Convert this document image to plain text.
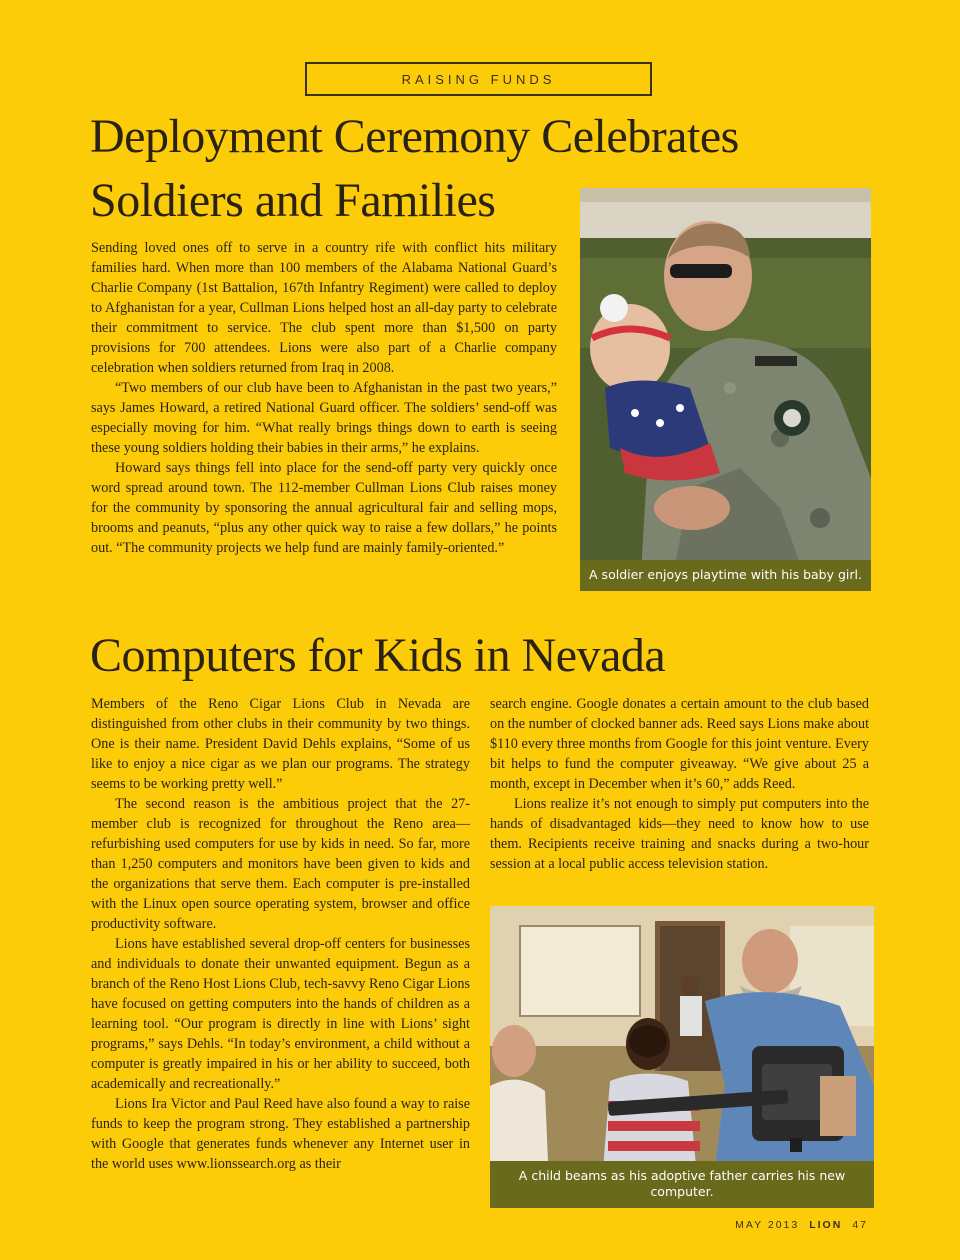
RAISING FUNDS
Deployment Ceremony Celebrates
Soldiers and Families

Sending loved ones off to serve in a country rife with conflict hits military families hard. When more than 100 members of the Alabama National Guard’s Charlie Company (1st Battalion, 167th Infantry Regiment) were called to deploy to Afghanistan for a year, Cullman Lions helped host an all-day party to celebrate their commitment to service. The club spent more than $1,500 on party provisions for 700 attendees. Lions were also part of a Charlie company celebration when soldiers returned from Iraq in 2008.

“Two members of our club have been to Afghanistan in the past two years,” says James Howard, a retired National Guard officer. The soldiers’ send-off was especially moving for him. “What really brings things down to earth is seeing these young soldiers holding their babies in their arms,” he explains.

Howard says things fell into place for the send-off party very quickly once word spread around town. The 112-member Cullman Lions Club raises money for the community by sponsoring the annual agricultural fair and selling mops, brooms and peanuts, “plus any other quick way to raise a few dollars,” he points out. “The community projects we help fund are mainly family-oriented.”

A soldier enjoys playtime with his baby girl.
Computers for Kids in Nevada

Members of the Reno Cigar Lions Club in Nevada are distinguished from other clubs in their community by two things. One is their name. President David Dehls explains, “Some of us like to enjoy a nice cigar as we plan our programs. The strategy seems to be working pretty well.”

The second reason is the ambitious project that the 27-member club is recognized for throughout the Reno area—refurbishing used computers for use by kids in need. So far, more than 1,250 computers and monitors have been given to kids and the organizations that serve them. Each computer is pre-installed with the Linux open source operating system, browser and office productivity software.

Lions have established several drop-off centers for businesses and individuals to donate their unwanted equipment. Begun as a branch of the Reno Host Lions Club, tech-savvy Reno Cigar Lions have focused on getting computers into the hands of children as a learning tool. “Our program is directly in line with Lions’ sight programs,” says Dehls. “In today’s environment, a child without a computer is greatly impaired in his or her ability to succeed, both academically and recreationally.”

Lions Ira Victor and Paul Reed have also found a way to raise funds to keep the program strong. They established a partnership with Google that generates funds whenever any Internet user in the world uses www.lionssearch.org as their

search engine. Google donates a certain amount to the club based on the number of clocked banner ads. Reed says Lions make about $110 every three months from Google for this joint venture. Every bit helps to fund the computer giveaway. “We give about 25 a month, except in December when it’s 60,” adds Reed.

Lions realize it’s not enough to simply put computers into the hands of disadvantaged kids—they need to know how to use them. Recipients receive training and snacks during a two-hour session at a local public access television station.

A child beams as his adoptive father carries his new computer.
MAY 2013 LION 47
